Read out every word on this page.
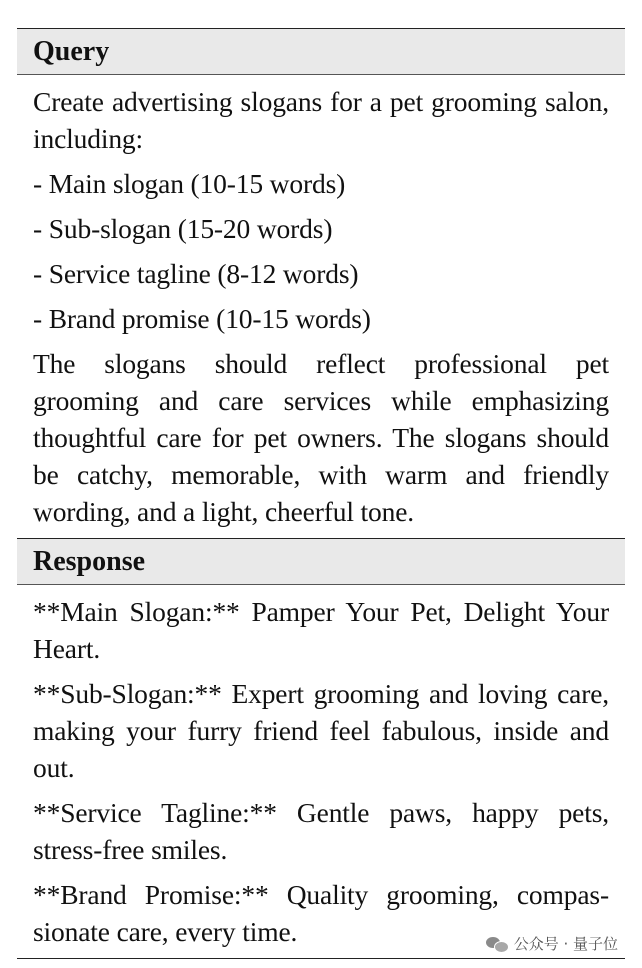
Query

Create advertising slogans for a pet grooming salon, including:

- Main slogan (10-15 words)
- Sub-slogan (15-20 words)
- Service tagline (8-12 words)
- Brand promise (10-15 words)

The slogans should reflect professional pet grooming and care services while emphasizing thoughtful care for pet owners. The slogans should be catchy, memorable, with warm and friendly wording, and a light, cheerful tone.

Response

**Main Slogan:** Pamper Your Pet, Delight Your Heart.

**Sub-Slogan:** Expert grooming and loving care, making your furry friend feel fabulous, inside and out.

**Service Tagline:** Gentle paws, happy pets, stress-free smiles.

**Brand Promise:** Quality grooming, compas-sionate care, every time.	公众号 · 量子位
